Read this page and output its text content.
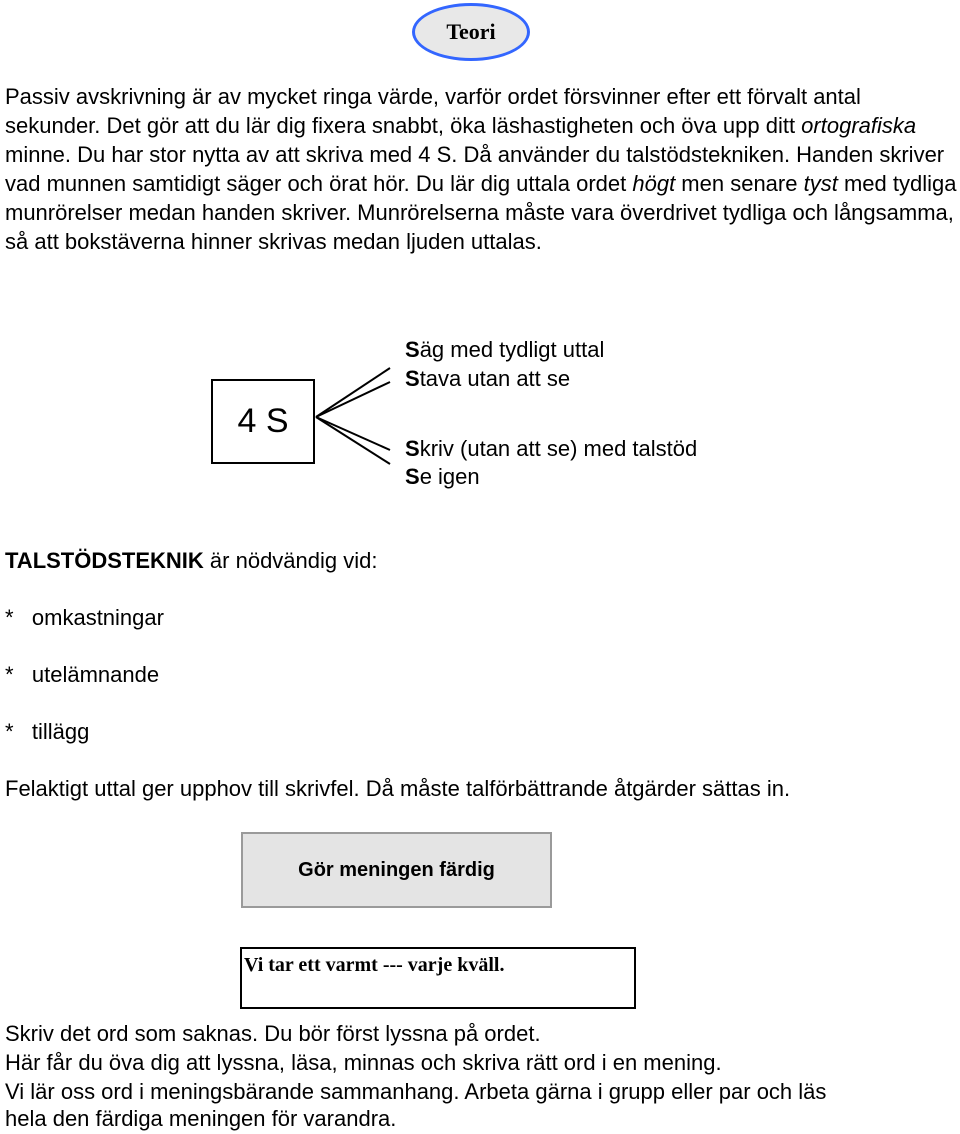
Teori

Passiv avskrivning är av mycket ringa värde, varför ordet försvinner efter ett förvalt antal sekunder. Det gör att du lär dig fixera snabbt, öka läshastigheten och öva upp ditt ortografiska minne. Du har stor nytta av att skriva med 4 S. Då använder du talstödstekniken. Handen skriver vad munnen samtidigt säger och örat hör. Du lär dig uttala ordet högt men senare tyst med tydliga munrörelser medan handen skriver. Munrörelserna måste vara överdrivet tydliga och långsamma, så att bokstäverna hinner skrivas medan ljuden uttalas.

4 S
Säg med tydligt uttal
Stava utan att se
Skriv (utan att se) med talstöd
Se igen
TALSTÖDSTEKNIK är nödvändig vid:
*   omkastningar
*   utelämnande
*   tillägg
Felaktigt uttal ger upphov till skrivfel. Då måste talförbättrande åtgärder sättas in.
Gör meningen färdig
Vi tar ett varmt --- varje kväll.
Skriv det ord som saknas. Du bör först lyssna på ordet.
Här får du öva dig att lyssna, läsa, minnas och skriva rätt ord i en mening.
Vi lär oss ord i meningsbärande sammanhang. Arbeta gärna i grupp eller par och läs
hela den färdiga meningen för varandra.
